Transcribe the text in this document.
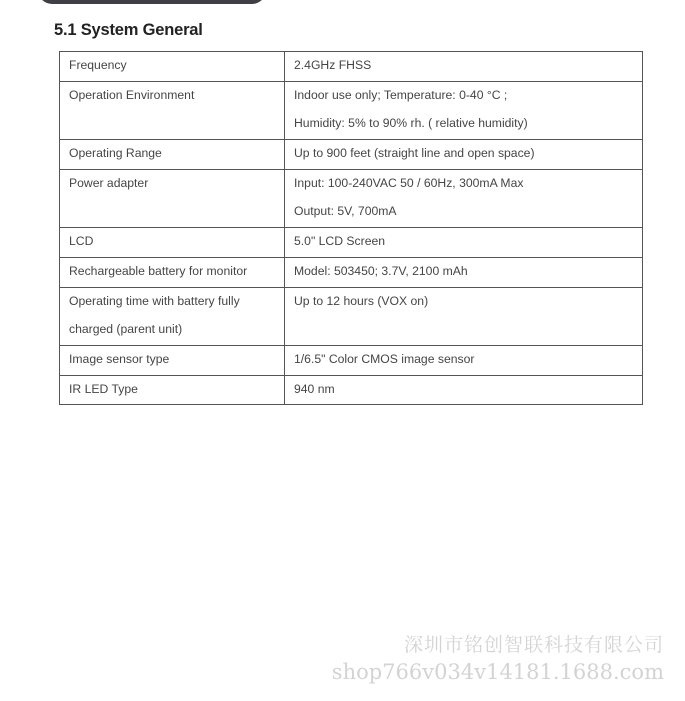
5.1 System General
Frequency	2.4GHz FHSS

Operation Environment	Indoor use only; Temperature: 0-40 °C ;
Humidity: 5% to 90% rh. ( relative humidity)

Operating Range	Up to 900 feet (straight line and open space)

Power adapter	Input: 100-240VAC 50 / 60Hz, 300mA Max
Output: 5V, 700mA

LCD	5.0" LCD Screen

Rechargeable battery for monitor	Model: 503450; 3.7V, 2100 mAh

Operating time with battery fully
charged (parent unit)	Up to 12 hours (VOX on)

Image sensor type	1/6.5" Color CMOS image sensor

IR LED Type	940 nm
深圳市铭创智联科技有限公司
shop766v034v14181.1688.com
